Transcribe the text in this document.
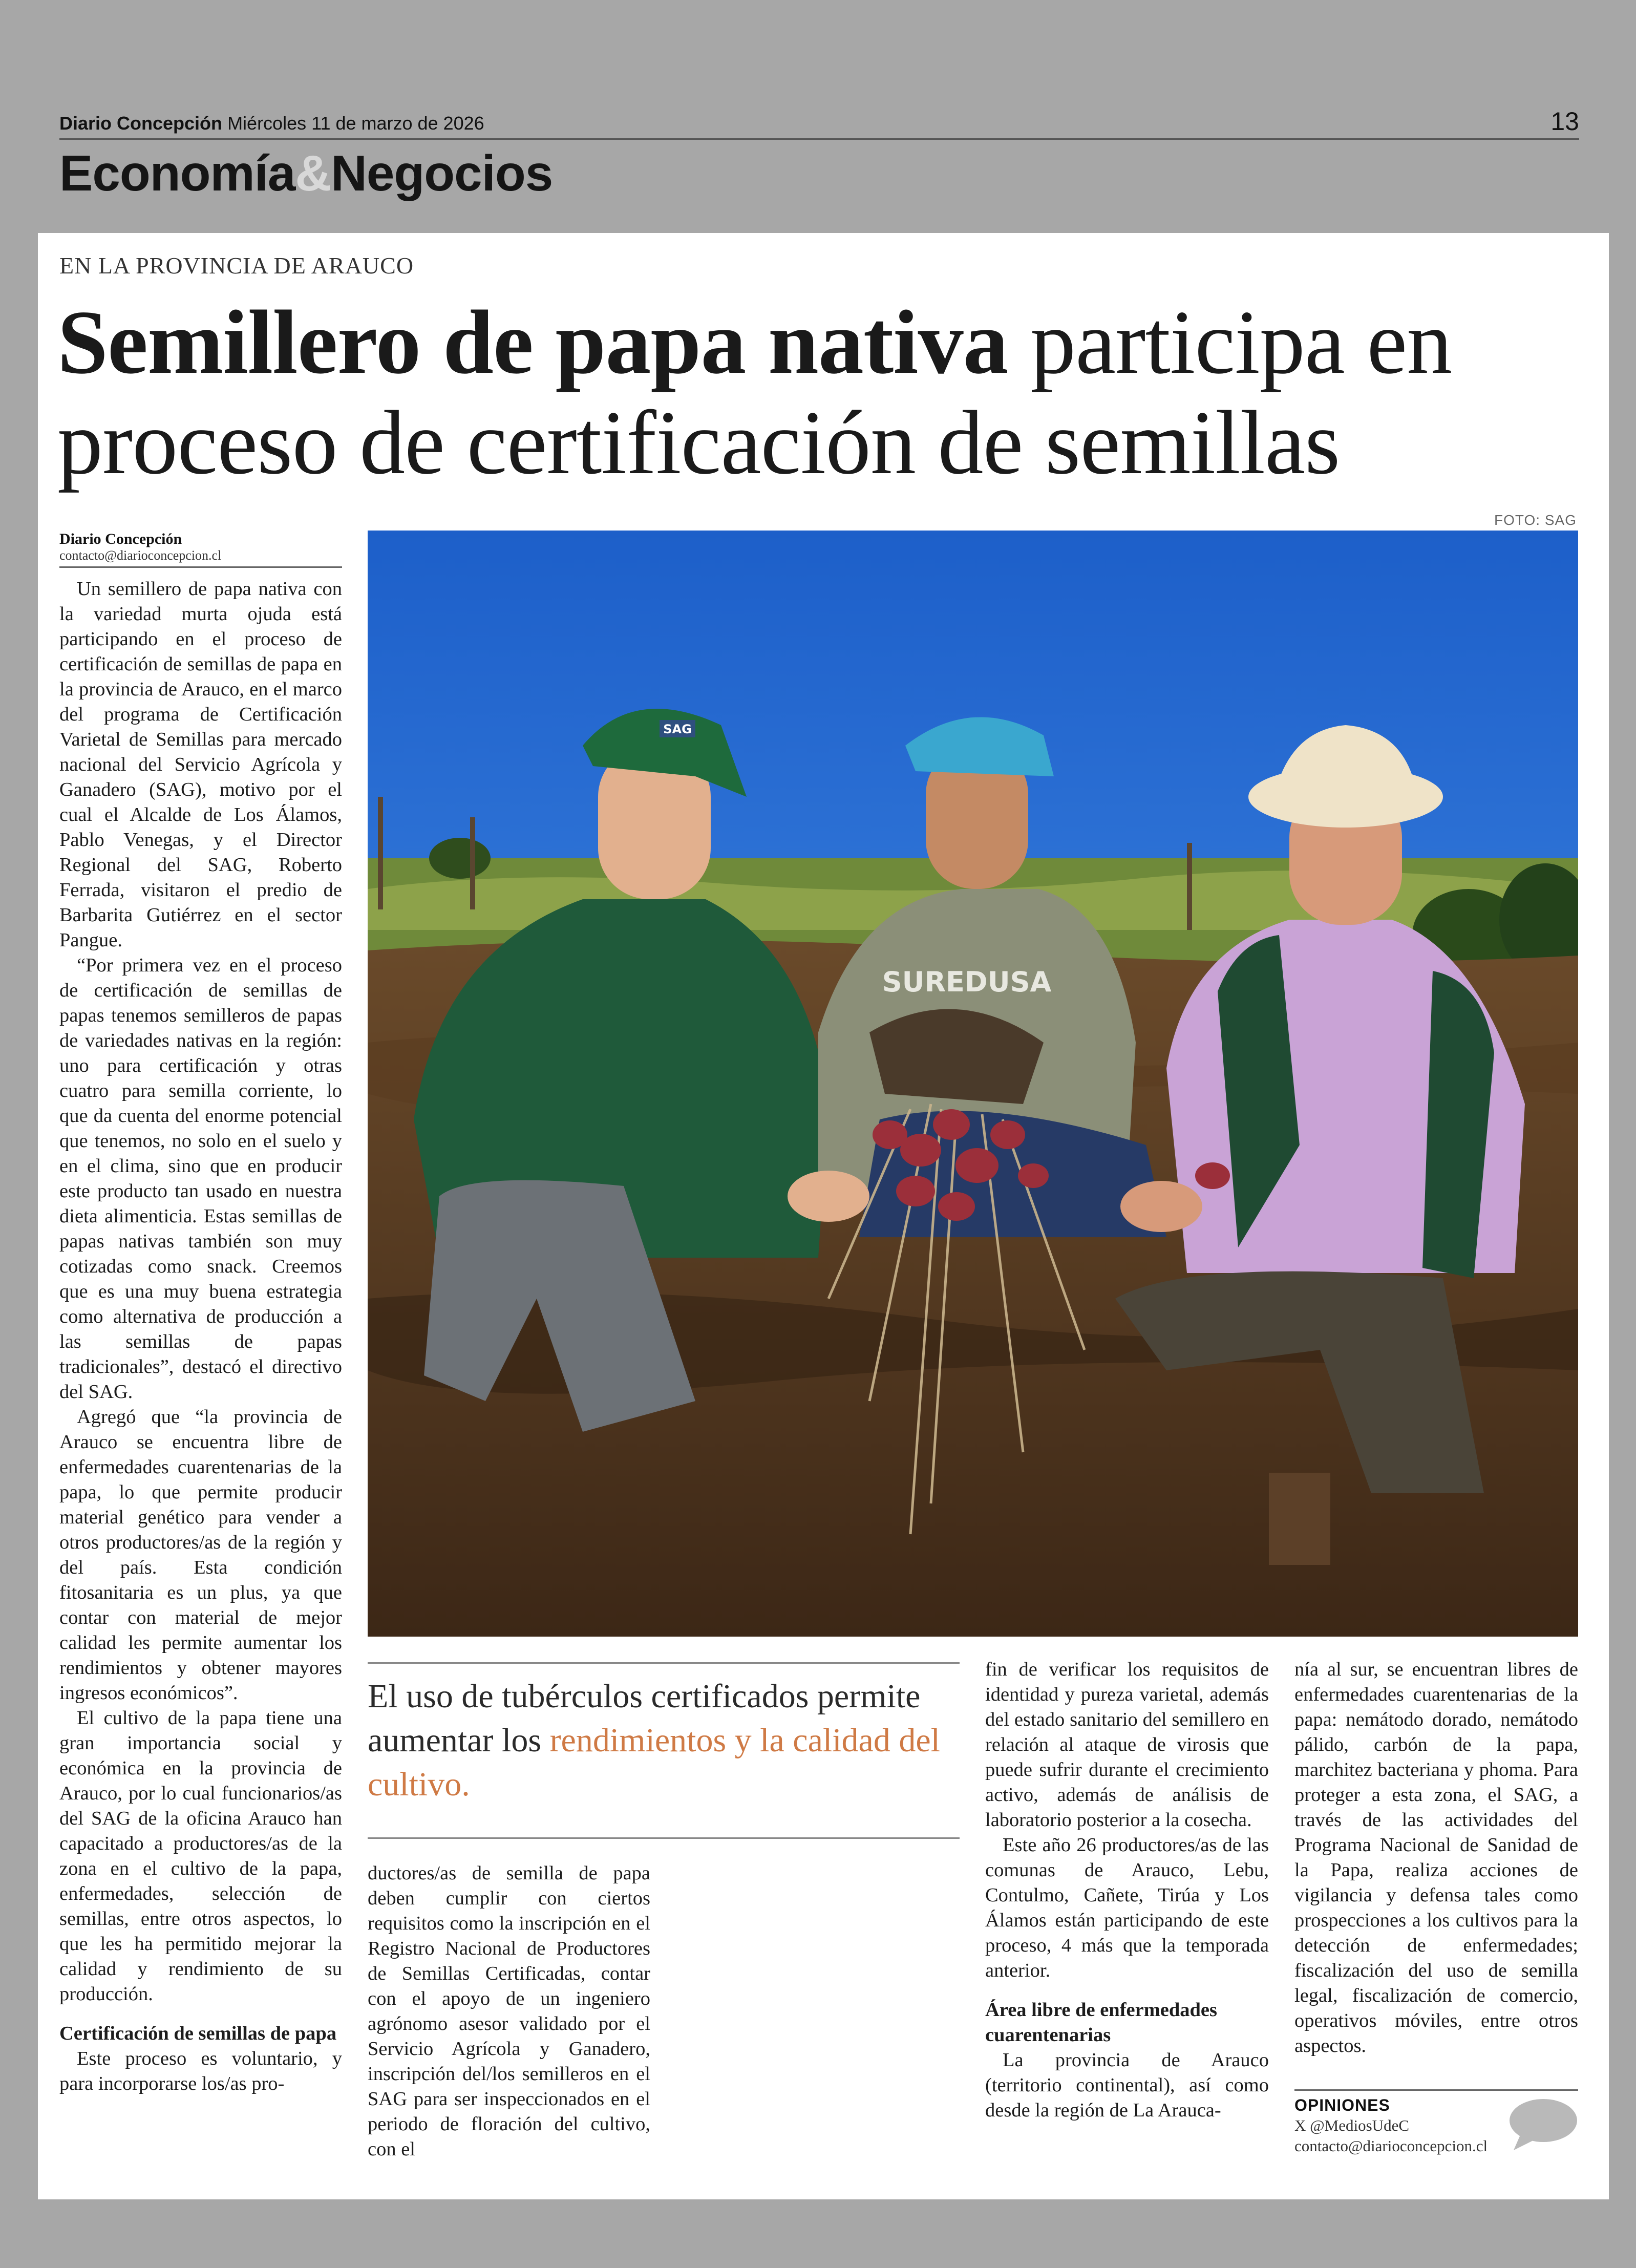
Diario Concepción Miércoles 11 de marzo de 2026	13
Economía&Negocios
EN LA PROVINCIA DE ARAUCO
Semillero de papa nativa participa en proceso de certificación de semillas
FOTO: SAG
Diario Concepción
contacto@diarioconcepcion.cl

Un semillero de papa nativa con la variedad murta ojuda está participando en el proceso de certificación de semillas de papa en la provincia de Arauco, en el marco del programa de Certificación Varietal de Semillas para mercado nacional del Servicio Agrícola y Ganadero (SAG), motivo por el cual el Alcalde de Los Álamos, Pablo Venegas, y el Director Regional del SAG, Roberto Ferrada, visitaron el predio de Barbarita Gutiérrez en el sector Pangue.

“Por primera vez en el proceso de certificación de semillas de papas tenemos semilleros de papas de variedades nativas en la región: uno para certificación y otras cuatro para semilla corriente, lo que da cuenta del enorme potencial que tenemos, no solo en el suelo y en el clima, sino que en producir este producto tan usado en nuestra dieta alimenticia. Estas semillas de papas nativas también son muy cotizadas como snack. Creemos que es una muy buena estrategia como alternativa de producción a las semillas de papas tradicionales”, destacó el directivo del SAG.

Agregó que “la provincia de Arauco se encuentra libre de enfermedades cuarentenarias de la papa, lo que permite producir material genético para vender a otros productores/as de la región y del país. Esta condición fitosanitaria es un plus, ya que contar con material de mejor calidad les permite aumentar los rendimientos y obtener mayores ingresos económicos”.

El cultivo de la papa tiene una gran importancia social y económica en la provincia de Arauco, por lo cual funcionarios/as del SAG de la oficina Arauco han capacitado a productores/as de la zona en el cultivo de la papa, enfermedades, selección de semillas, entre otros aspectos, lo que les ha permitido mejorar la calidad y rendimiento de su producción.

Certificación de semillas de papa

Este proceso es voluntario, y para incorporarse los/as pro-

SAG
SUREDUSA

El uso de tubérculos certificados permite aumentar los rendimientos y la calidad del cultivo.

ductores/as de semilla de papa deben cumplir con ciertos requisitos como la inscripción en el Registro Nacional de Productores de Semillas Certificadas, contar con el apoyo de un ingeniero agrónomo asesor validado por el Servicio Agrícola y Ganadero, inscripción del/los semilleros en el SAG para ser inspeccionados en el periodo de floración del cultivo, con el

fin de verificar los requisitos de identidad y pureza varietal, además del estado sanitario del semillero en relación al ataque de virosis que puede sufrir durante el crecimiento activo, además de análisis de laboratorio posterior a la cosecha.

Este año 26 productores/as de las comunas de Arauco, Lebu, Contulmo, Cañete, Tirúa y Los Álamos están participando de este proceso, 4 más que la temporada anterior.

Área libre de enfermedades cuarentenarias

La provincia de Arauco (territorio continental), así como desde la región de La Arauca-

nía al sur, se encuentran libres de enfermedades cuarentenarias de la papa: nemátodo dorado, nemátodo pálido, carbón de la papa, marchitez bacteriana y phoma. Para proteger a esta zona, el SAG, a través de las actividades del Programa Nacional de Sanidad de la Papa, realiza acciones de vigilancia y defensa tales como prospecciones a los cultivos para la detección de enfermedades; fiscalización del uso de semilla legal, fiscalización de comercio, operativos móviles, entre otros aspectos.

OPINIONES
X @MediosUdeC
contacto@diarioconcepcion.cl
